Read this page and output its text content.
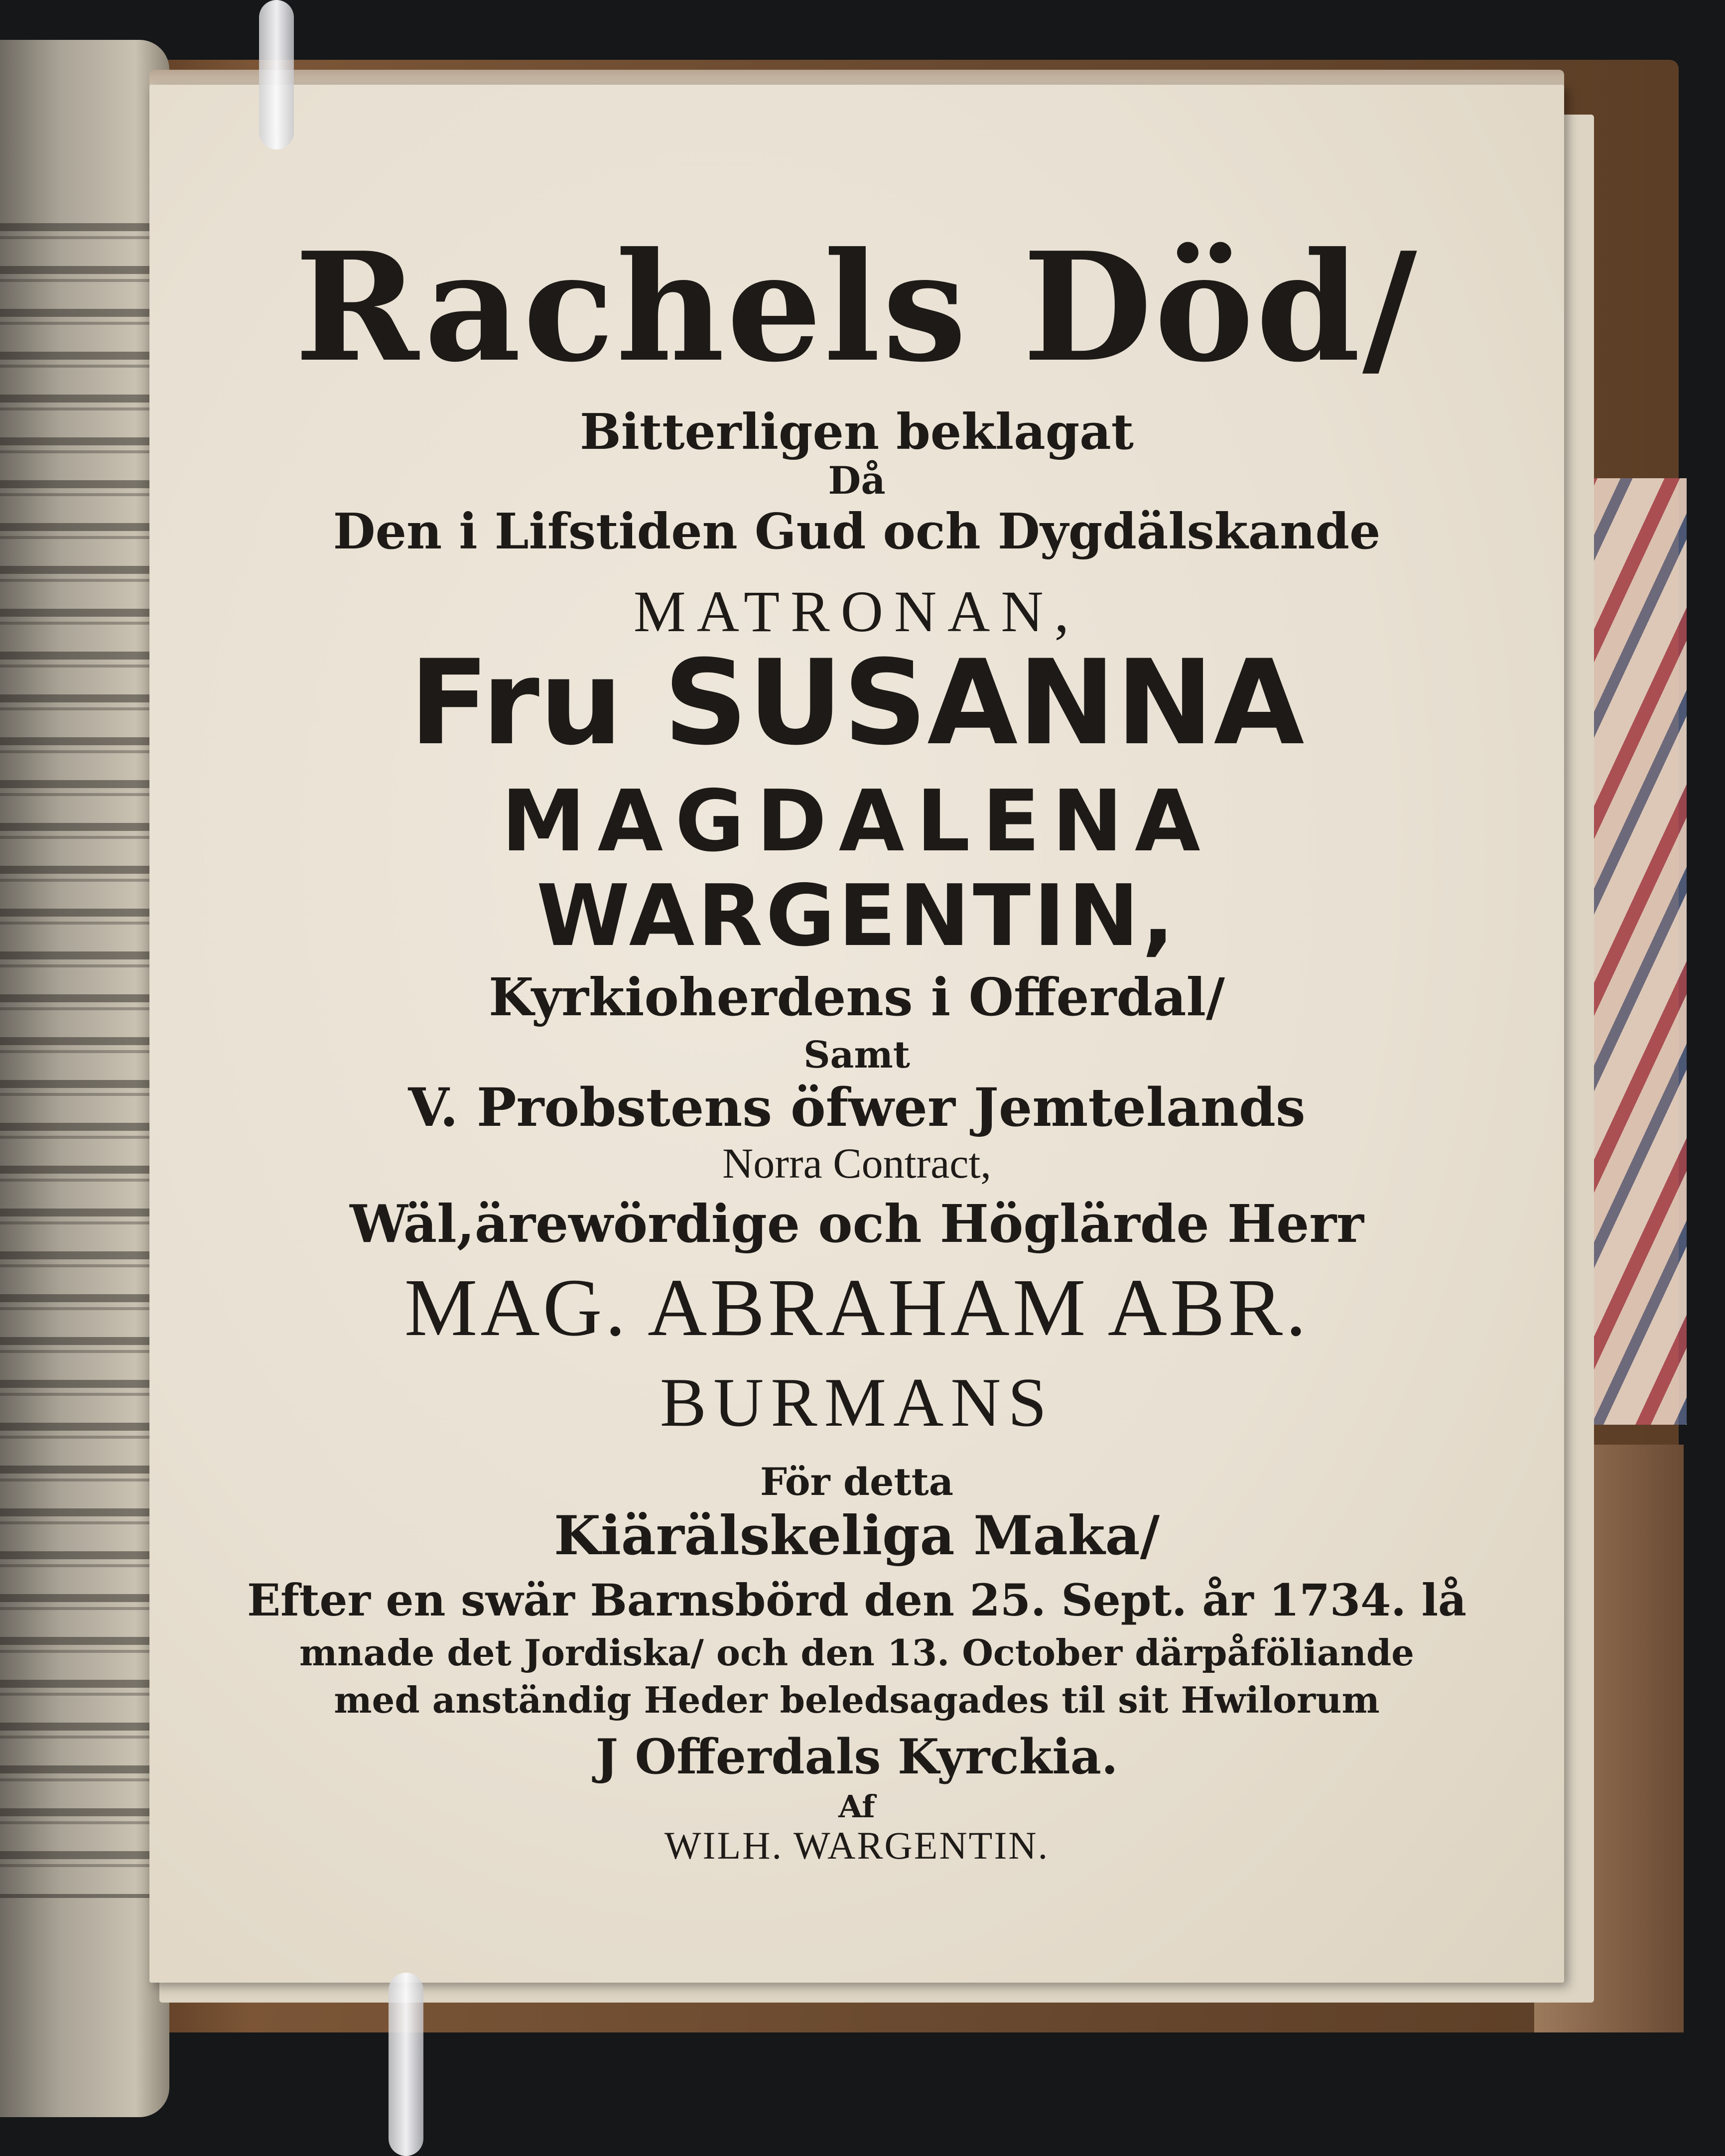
Rachels Död/

Bitterligen beklagat

Då

Den i Lifstiden Gud och Dygdälskande

MATRONAN,

Fru SUSANNA

MAGDALENA

WARGENTIN,

Kyrkioherdens i Offerdal/

Samt

V. Probstens öfwer Jemtelands

Norra Contract,

Wäl,ärewördige och Höglärde Herr

MAG. ABRAHAM ABR.

BURMANS

För detta

Kiärälskeliga Maka/

Efter en swär Barnsbörd den 25. Sept. år 1734. lå

mnade det Jordiska/ och den 13. October därpåföliande

med anständig Heder beledsagades til sit Hwilorum

J Offerdals Kyrckia.

Af

WILH. WARGENTIN.
